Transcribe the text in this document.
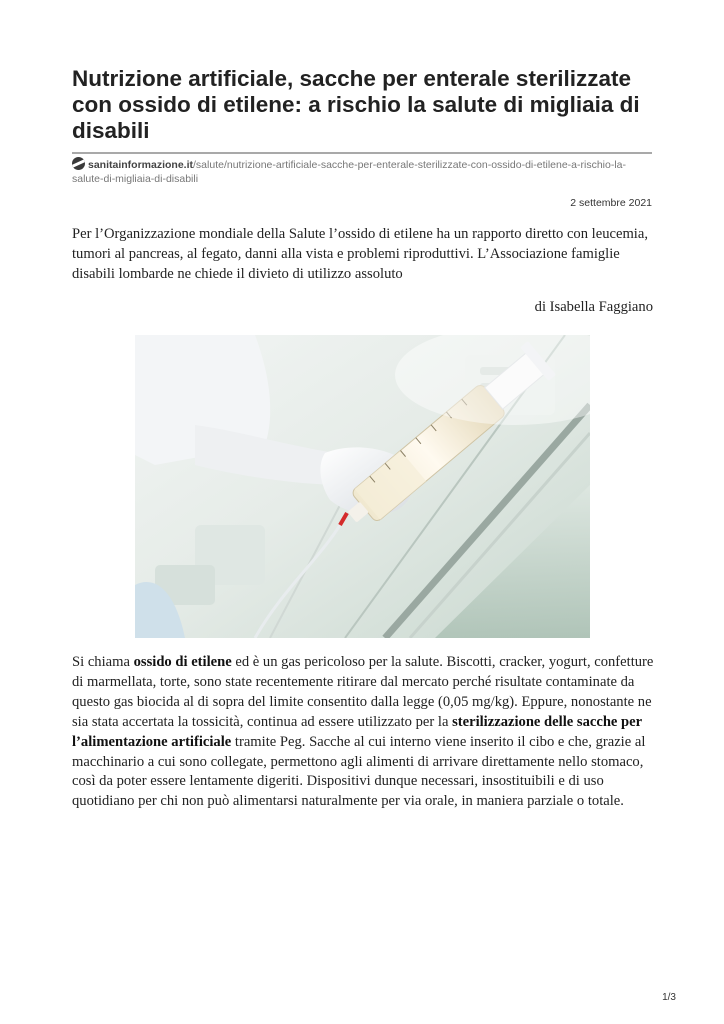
Nutrizione artificiale, sacche per enterale sterilizzate con ossido di etilene: a rischio la salute di migliaia di disabili
sanitainformazione.it/salute/nutrizione-artificiale-sacche-per-enterale-sterilizzate-con-ossido-di-etilene-a-rischio-la-salute-di-migliaia-di-disabili
2 settembre 2021

Per l’Organizzazione mondiale della Salute l’ossido di etilene ha un rapporto diretto con leucemia, tumori al pancreas, al fegato, danni alla vista e problemi riproduttivi. L’Associazione famiglie disabili lombarde ne chiede il divieto di utilizzo assoluto

di Isabella Faggiano

Si chiama ossido di etilene ed è un gas pericoloso per la salute. Biscotti, cracker, yogurt, confetture di marmellata, torte, sono state recentemente ritirare dal mercato perché risultate contaminate da questo gas biocida al di sopra del limite consentito dalla legge (0,05 mg/kg). Eppure, nonostante ne sia stata accertata la tossicità, continua ad essere utilizzato per la sterilizzazione delle sacche per l’alimentazione artificiale tramite Peg. Sacche al cui interno viene inserito il cibo e che, grazie al macchinario a cui sono collegate, permettono agli alimenti di arrivare direttamente nello stomaco, così da poter essere lentamente digeriti. Dispositivi dunque necessari, insostituibili e di uso quotidiano per chi non può alimentarsi naturalmente per via orale, in maniera parziale o totale.

1/3
